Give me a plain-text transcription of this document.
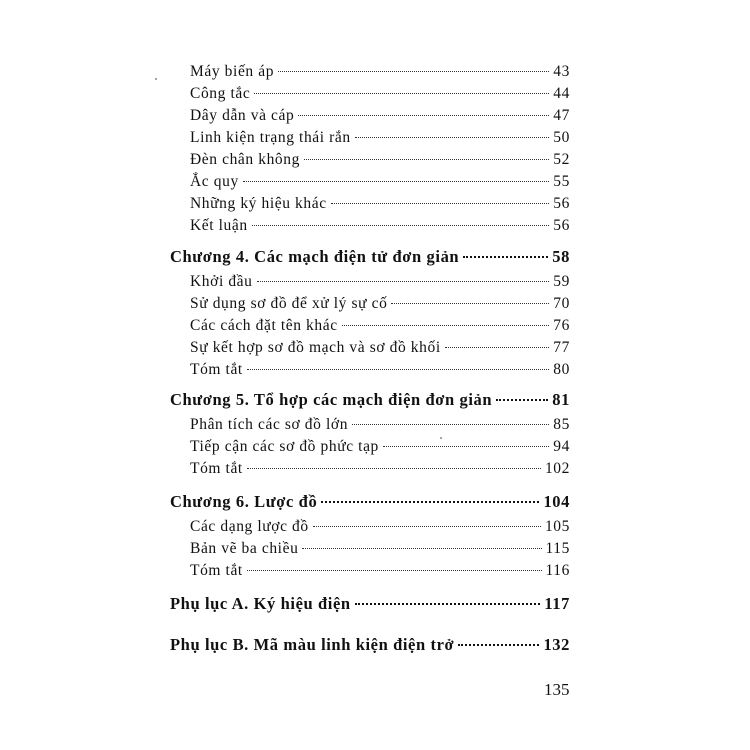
Máy biến áp	43
Công tắc	44
Dây dẫn và cáp	47
Linh kiện trạng thái rắn	50
Đèn chân không	52
Ắc quy	55
Những ký hiệu khác	56
Kết luận	56
Chương 4. Các mạch điện tử đơn giản	58
Khởi đầu	59
Sử dụng sơ đồ để xử lý sự cố	70
Các cách đặt tên khác	76
Sự kết hợp sơ đồ mạch và sơ đồ khối	77
Tóm tắt	80
Chương 5. Tổ hợp các mạch điện đơn giản	81
Phân tích các sơ đồ lớn	85
Tiếp cận các sơ đồ phức tạp	94
Tóm tắt	102
Chương 6. Lược đồ	104
Các dạng lược đồ	105
Bản vẽ ba chiều	115
Tóm tắt	116
Phụ lục A. Ký hiệu điện	117
Phụ lục B. Mã màu linh kiện điện trở	132
135
